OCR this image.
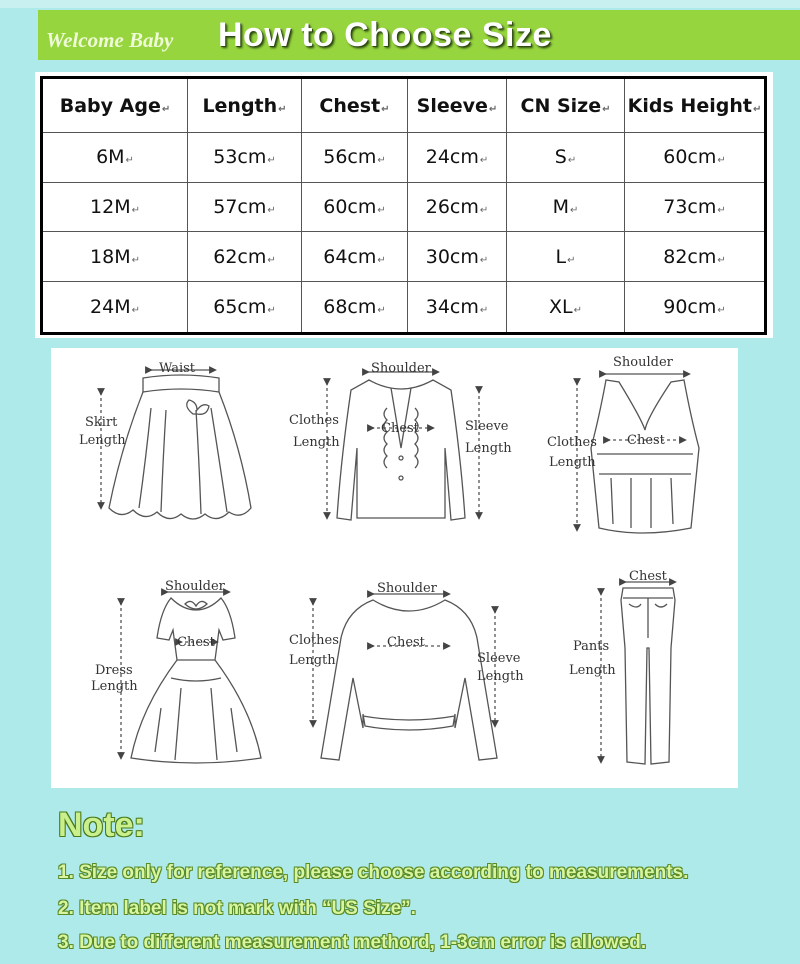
Welcome Baby How to Choose Size
Baby Age↵	Length↵	Chest↵	Sleeve↵	CN Size↵	Kids Height↵
6M↵	53cm↵	56cm↵	24cm↵	S↵	60cm↵
12M↵	57cm↵	60cm↵	26cm↵	M↵	73cm↵
18M↵	62cm↵	64cm↵	30cm↵	L↵	82cm↵
24M↵	65cm↵	68cm↵	34cm↵	XL↵	90cm↵
Waist
Skirt
Length
Shoulder
Chest
Clothes
Length
Sleeve
Length
Shoulder
Chest
Clothes
Length
Shoulder
Chest
Dress
Length
Shoulder
Chest
Clothes
Length	Sleeve
Length
Chest
Pants
Length
Note:
1. Size only for reference, please choose according to measurements.
2. Item label is not mark with “US Size”.
3. Due to different measurement methord, 1-3cm error is allowed.
